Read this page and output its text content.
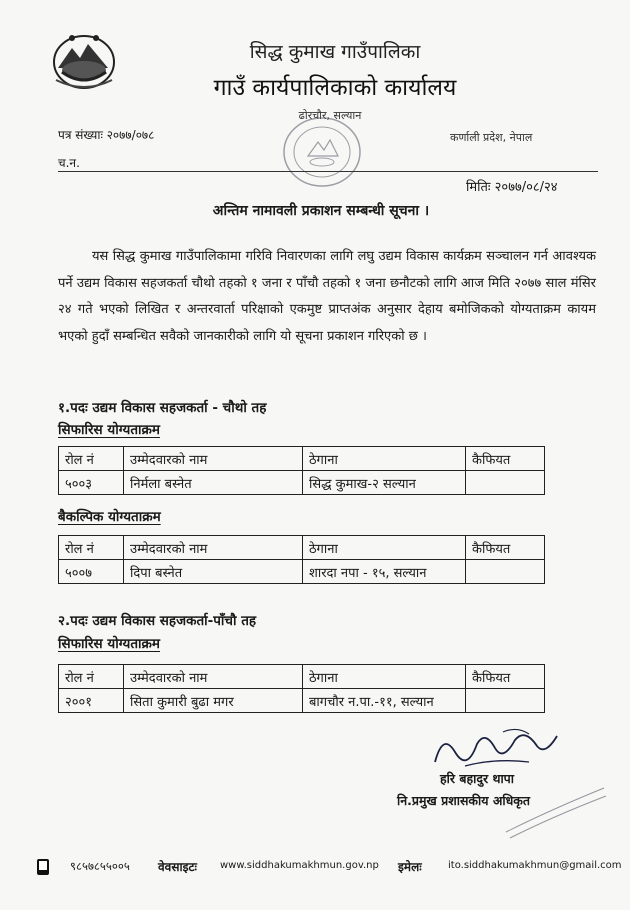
सिद्ध कुमाख गाउँपालिका
गाउँ कार्यपालिकाको कार्यालय
ढोरचौर, सल्यान
पत्र संख्याः २०७७/०७८
च.न.
कर्णाली प्रदेश, नेपाल
मितिः २०७७/०८/२४
अन्तिम नामावली प्रकाशन सम्बन्धी सूचना ।
यस सिद्ध कुमाख गाउँपालिकामा गरिवि निवारणका लागि लघु उद्यम विकास कार्यक्रम सञ्चालन गर्न आवश्यक पर्ने उद्यम विकास सहजकर्ता चौथो तहको १ जना र पाँचौ तहको १ जना छनौटको लागि आज मिति २०७७ साल मंसिर २४ गते भएको लिखित र अन्तरवार्ता परिक्षाको एकमुष्ट प्राप्तअंक अनुसार देहाय बमोजिकको योग्यताक्रम कायम भएको हुदाँ सम्बन्धित सवैको जानकारीको लागि यो सूचना प्रकाशन गरिएको छ ।
१.पदः उद्यम विकास सहजकर्ता - चौथो तह
सिफारिस योग्यताक्रम
रोल नं	उम्मेदवारको नाम	ठेगाना	कैफियत
५००३	निर्मला बस्नेत	सिद्ध कुमाख-२ सल्यान	
बैकल्पिक योग्यताक्रम
रोल नं	उम्मेदवारको नाम	ठेगाना	कैफियत
५००७	दिपा बस्नेत	शारदा नपा - १५, सल्यान	
२.पदः उद्यम विकास सहजकर्ता-पाँचौ तह
सिफारिस योग्यताक्रम
रोल नं	उम्मेदवारको नाम	ठेगाना	कैफियत
२००१	सिता कुमारी बुढा मगर	बागचौर न.पा.-११, सल्यान	
हरि बहादुर थापा
नि.प्रमुख प्रशासकीय अधिकृत
९८५७८५५००५ वेवसाइटः www.siddhakumakhmun.gov.np इमेलः	ito.siddhakumakhmun@gmail.com
